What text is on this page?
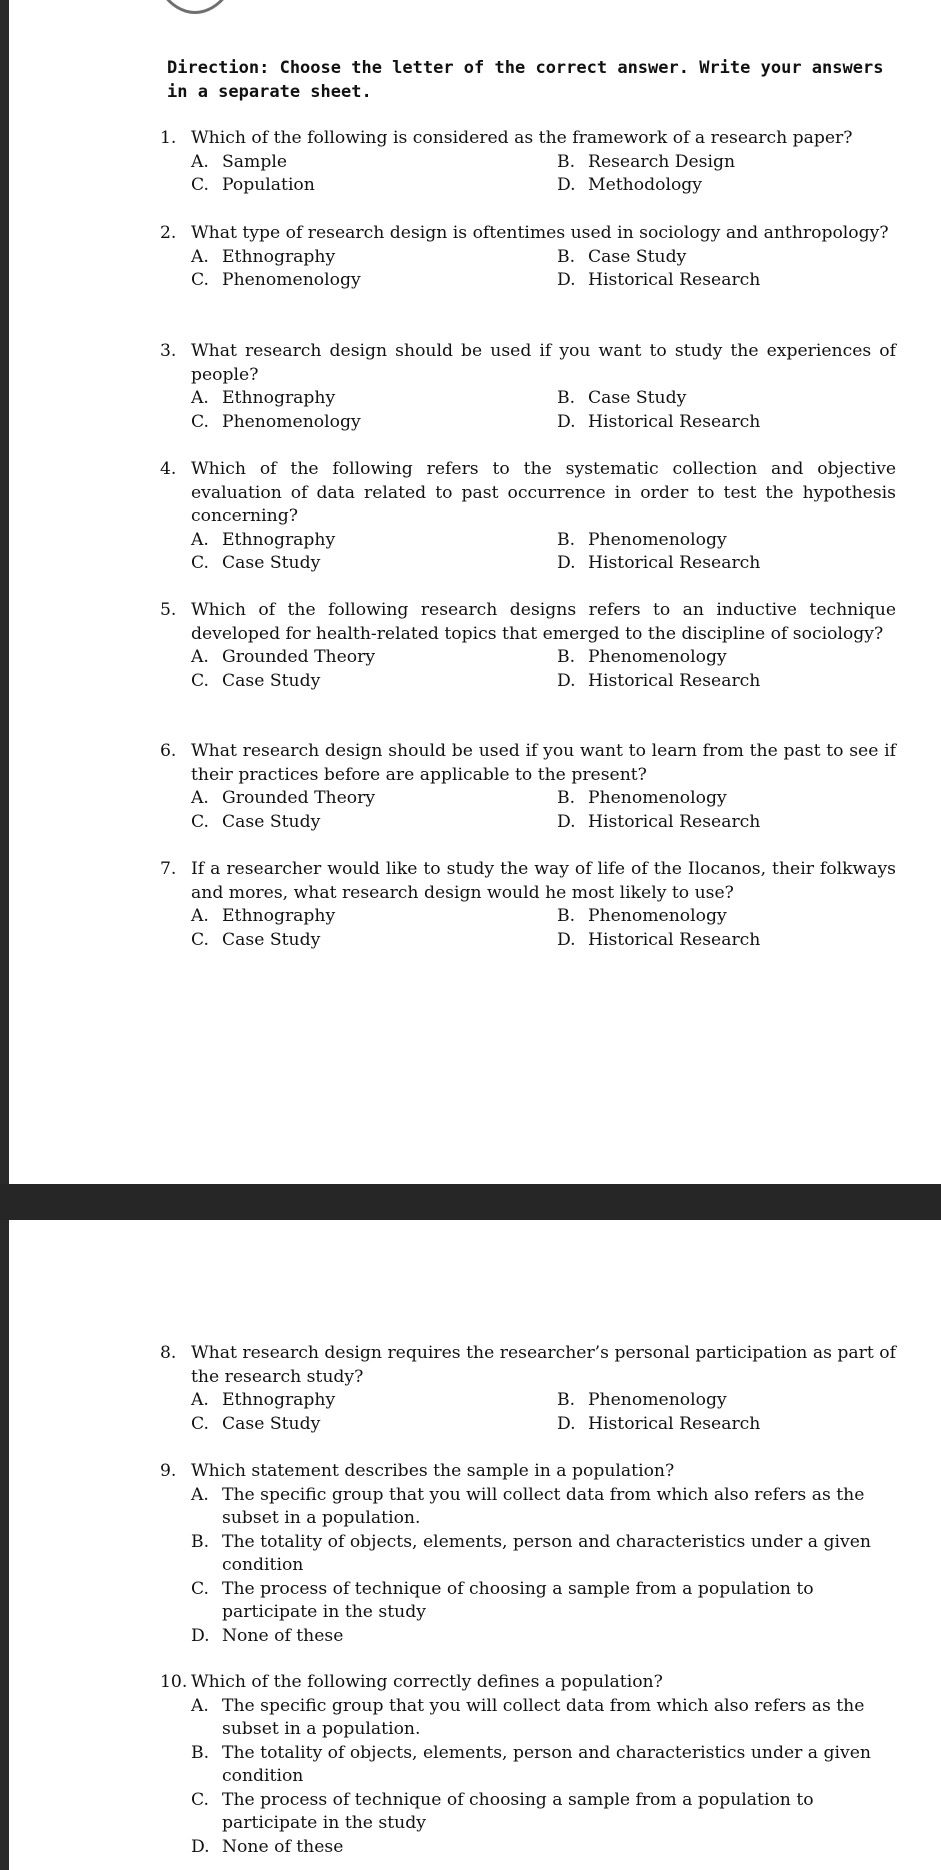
Direction: Choose the letter of the correct answer. Write your answers in a separate sheet.

1. Which of the following is considered as the framework of a research paper?
A. Sample	B. Research Design
C. Population	D. Methodology
2. What type of research design is oftentimes used in sociology and anthropology?
A. Ethnography	B. Case Study
C. Phenomenology	D. Historical Research
3. What research design should be used if you want to study the experiences of people?
A. Ethnography	B. Case Study
C. Phenomenology	D. Historical Research
4. Which of the following refers to the systematic collection and objective evaluation of data related to past occurrence in order to test the hypothesis concerning?
A. Ethnography	B. Phenomenology
C. Case Study	D. Historical Research
5. Which of the following research designs refers to an inductive technique developed for health-related topics that emerged to the discipline of sociology?
A. Grounded Theory	B. Phenomenology
C. Case Study	D. Historical Research
6. What research design should be used if you want to learn from the past to see if their practices before are applicable to the present?
A. Grounded Theory	B. Phenomenology
C. Case Study	D. Historical Research
7. If a researcher would like to study the way of life of the Ilocanos, their folkways and mores, what research design would he most likely to use?
A. Ethnography	B. Phenomenology
C. Case Study	D. Historical Research
8. What research design requires the researcher’s personal participation as part of the research study?
A. Ethnography	B. Phenomenology
C. Case Study	D. Historical Research
9. Which statement describes the sample in a population?
A. The specific group that you will collect data from which also refers as the subset in a population.
B. The totality of objects, elements, person and characteristics under a given condition
C. The process of technique of choosing a sample from a population to participate in the study
D. None of these
10. Which of the following correctly defines a population?
A. The specific group that you will collect data from which also refers as the subset in a population.
B. The totality of objects, elements, person and characteristics under a given condition
C. The process of technique of choosing a sample from a population to participate in the study
D. None of these
